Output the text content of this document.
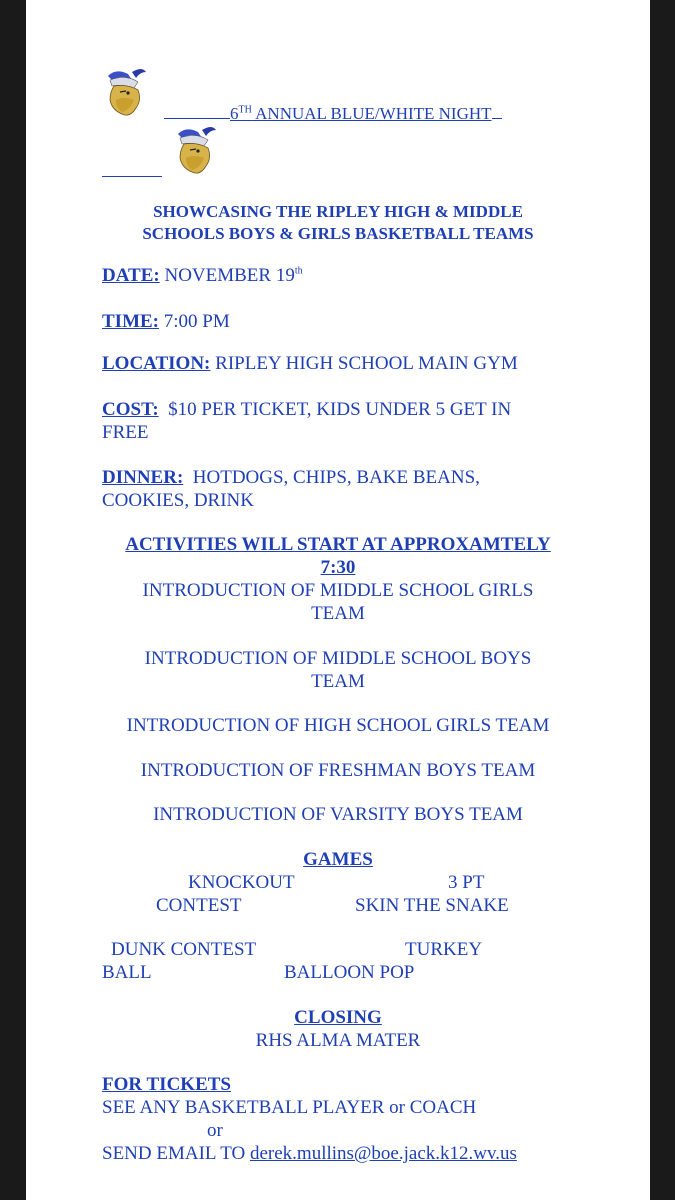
6TH ANNUAL BLUE/WHITE NIGHT
SHOWCASING THE RIPLEY HIGH & MIDDLE
SCHOOLS BOYS & GIRLS BASKETBALL TEAMS
DATE: NOVEMBER 19th
TIME: 7:00 PM
LOCATION: RIPLEY HIGH SCHOOL MAIN GYM
COST: $10 PER TICKET, KIDS UNDER 5 GET IN
FREE
DINNER: HOTDOGS, CHIPS, BAKE BEANS,
COOKIES, DRINK
ACTIVITIES WILL START AT APPROXAMTELY
7:30
INTRODUCTION OF MIDDLE SCHOOL GIRLS
TEAM
INTRODUCTION OF MIDDLE SCHOOL BOYS
TEAM
INTRODUCTION OF HIGH SCHOOL GIRLS TEAM
INTRODUCTION OF FRESHMAN BOYS TEAM
INTRODUCTION OF VARSITY BOYS TEAM
GAMES
KNOCKOUT	3 PT
CONTEST	SKIN THE SNAKE
DUNK CONTEST	TURKEY
BALL	BALLOON POP
CLOSING
RHS ALMA MATER
FOR TICKETS
SEE ANY BASKETBALL PLAYER or COACH
or
SEND EMAIL TO derek.mullins@boe.jack.k12.wv.us
